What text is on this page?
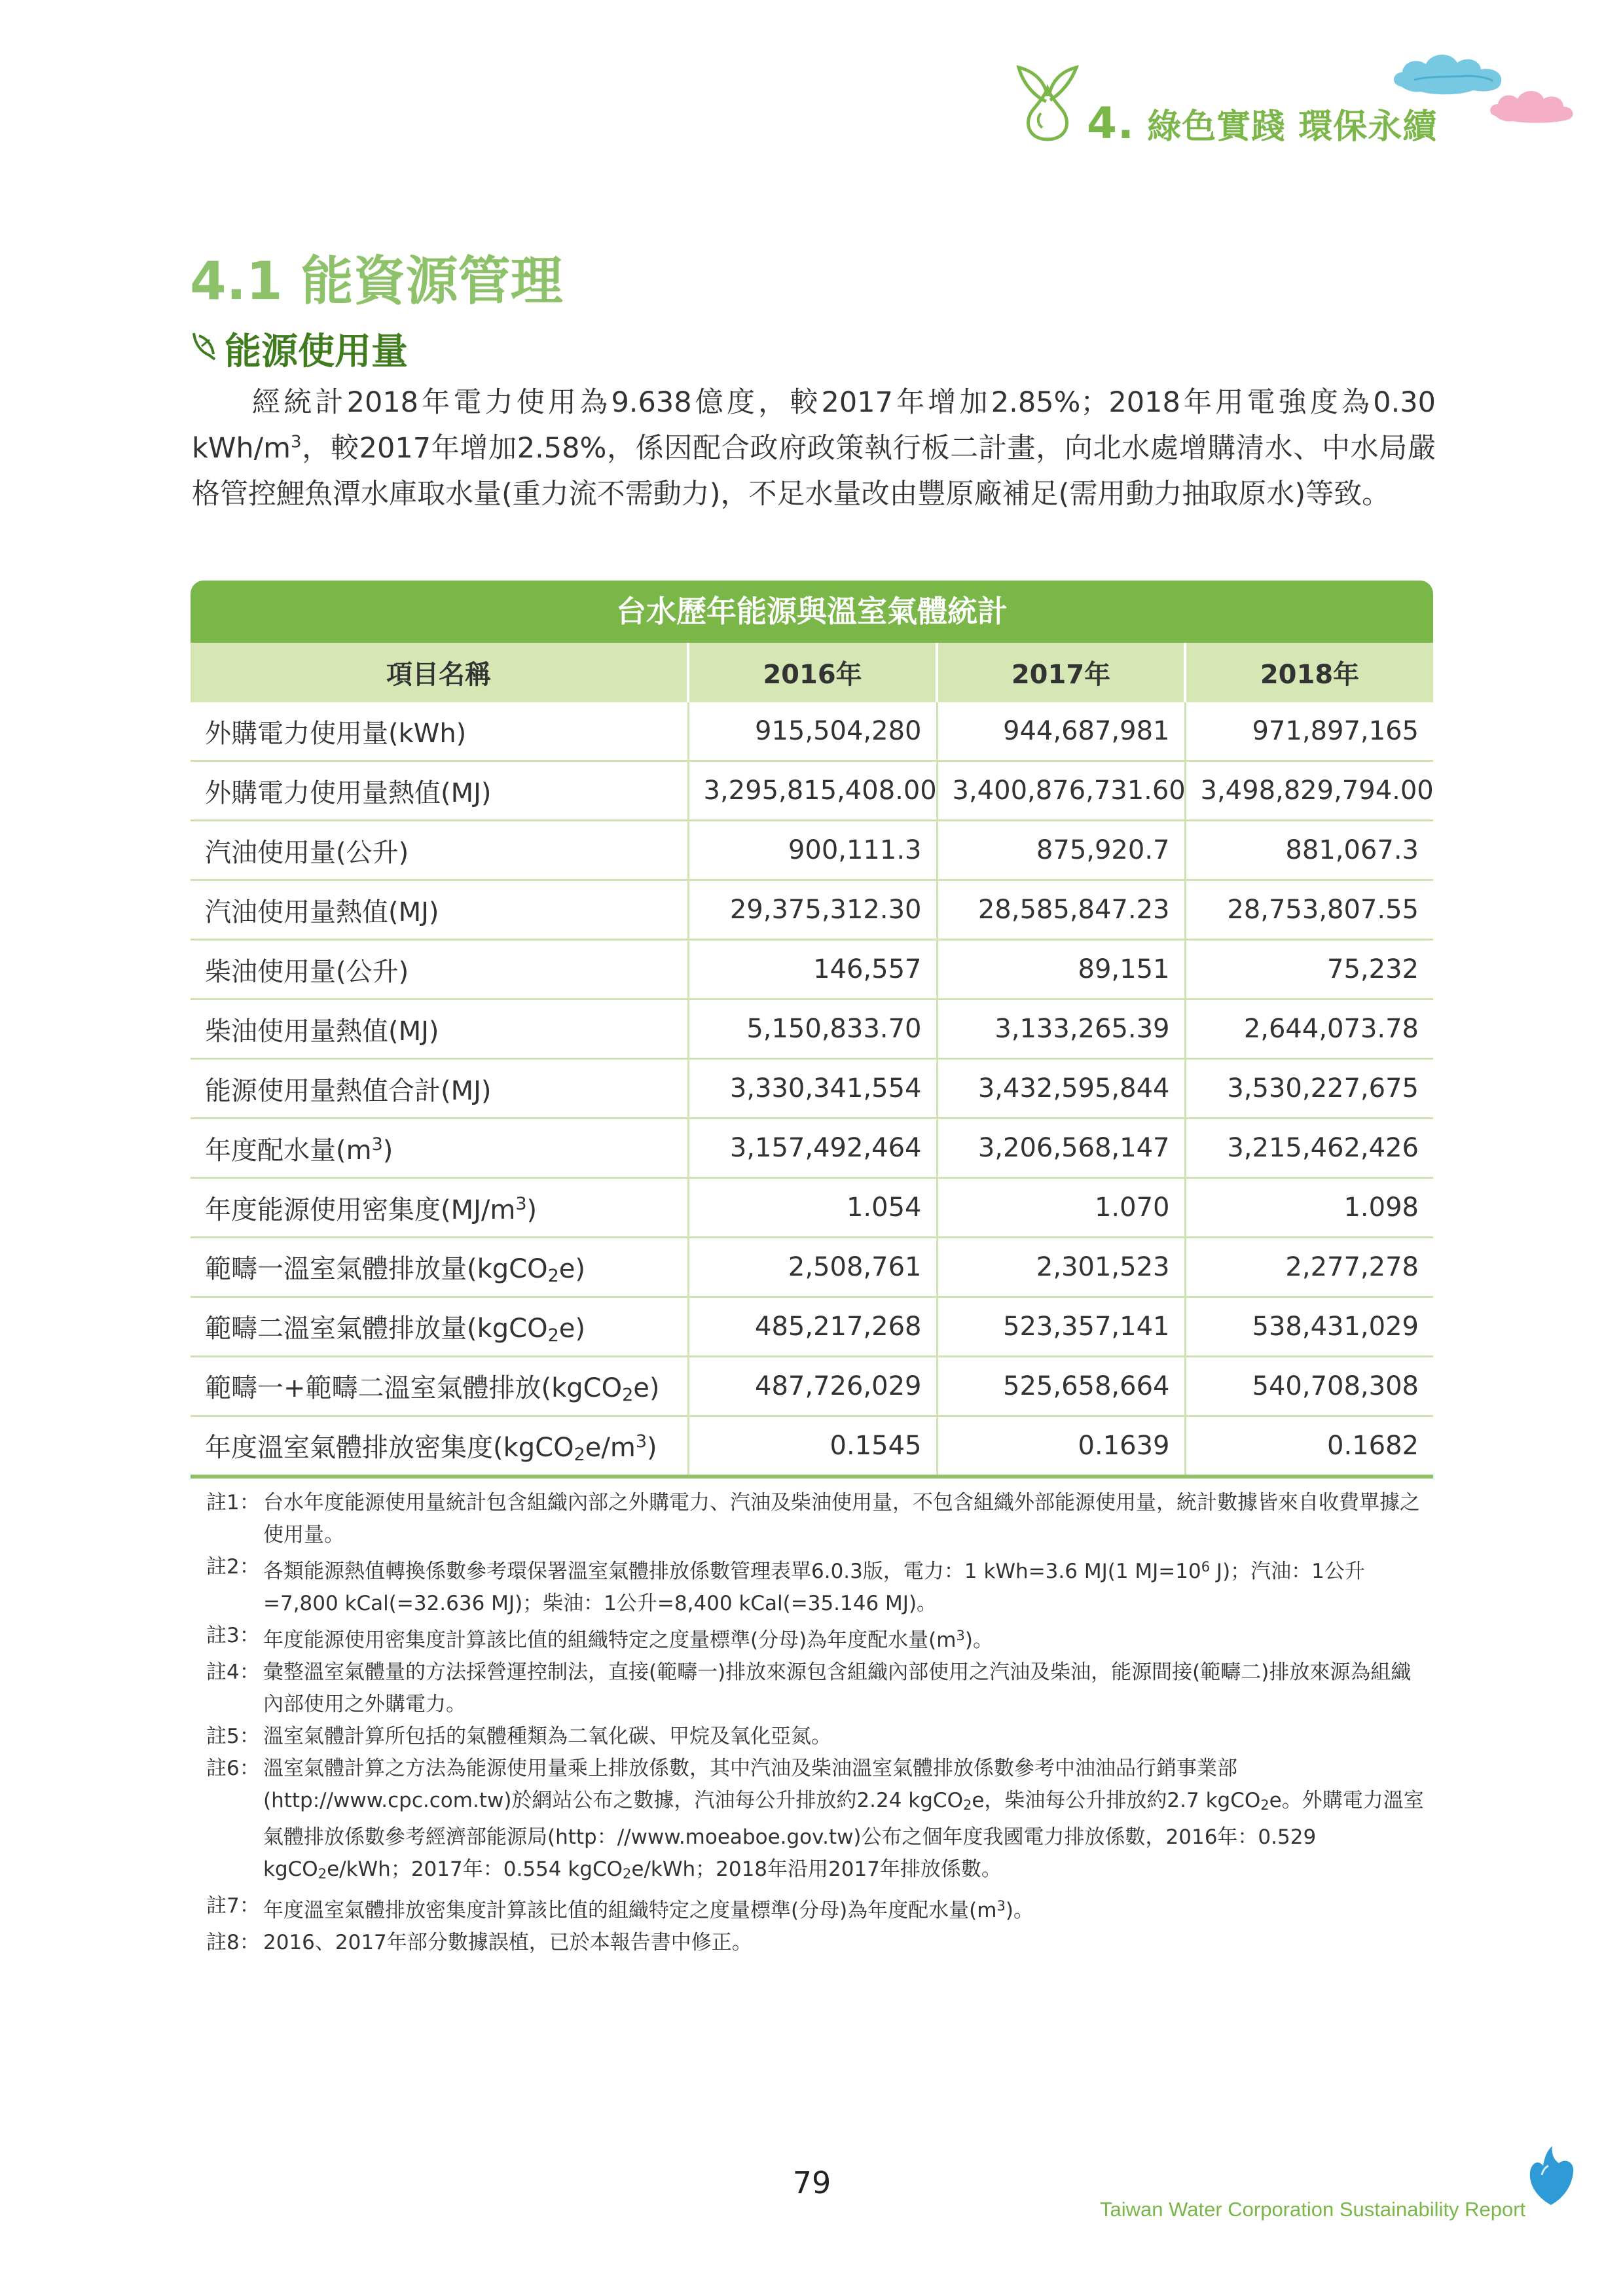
4. 綠色實踐 環保永續
4.1 能資源管理
能源使用量
經統計2018年電力使用為9.638億度，較2017年增加2.85%；2018年用電強度為0.30 kWh/$m^3$，較2017年增加2.58%，係因配合政府政策執行板二計畫，向北水處增購清水、中水局嚴格管控鯉魚潭水庫取水量(重力流不需動力)，不足水量改由豐原廠補足(需用動力抽取原水)等致。
台水歷年能源與溫室氣體統計
項目名稱	2016年	2017年	2018年
外購電力使用量(kWh)	915,504,280	944,687,981	971,897,165
外購電力使用量熱值(MJ)	3,295,815,408.00	3,400,876,731.60	3,498,829,794.00
汽油使用量(公升)	900,111.3	875,920.7	881,067.3
汽油使用量熱值(MJ)	29,375,312.30	28,585,847.23	28,753,807.55
柴油使用量(公升)	146,557	89,151	75,232
柴油使用量熱值(MJ)	5,150,833.70	3,133,265.39	2,644,073.78
能源使用量熱值合計(MJ)	3,330,341,554	3,432,595,844	3,530,227,675
年度配水量$(m^3)$	3,157,492,464	3,206,568,147	3,215,462,426
年度能源使用密集度$(MJ/m^3)$	1.054	1.070	1.098
範疇一溫室氣體排放量(kgCO$_2$e)	2,508,761	2,301,523	2,277,278
範疇二溫室氣體排放量(kgCO$_2$e)	485,217,268	523,357,141	538,431,029
範疇一+範疇二溫室氣體排放(kgCO$_2$e)	487,726,029	525,658,664	540,708,308
年度溫室氣體排放密集度$(kgCO_2e/m^3)$	0.1545	0.1639	0.1682
註1： 台水年度能源使用量統計包含組織內部之外購電力、汽油及柴油使用量，不包含組織外部能源使用量，統計數據皆來自收費單據之使用量。
註2： 各類能源熱值轉換係數參考環保署溫室氣體排放係數管理表單6.0.3版，電力：1 kWh=3.6 MJ(1 $MJ=10^6$ J)；汽油：1公升=7,800 kCal(=32.636 MJ)；柴油：1公升=8,400 kCal(=35.146 MJ)。
註3： 年度能源使用密集度計算該比值的組織特定之度量標準(分母)為年度配水量$(m^3)$。
註4： 彙整溫室氣體量的方法採營運控制法，直接(範疇一)排放來源包含組織內部使用之汽油及柴油，能源間接(範疇二)排放來源為組織內部使用之外購電力。
註5： 溫室氣體計算所包括的氣體種類為二氧化碳、甲烷及氧化亞氮。
註6： 溫室氣體計算之方法為能源使用量乘上排放係數，其中汽油及柴油溫室氣體排放係數參考中油油品行銷事業部(http://www.cpc.com.tw)於網站公布之數據，汽油每公升排放約2.24 kgCO2e，柴油每公升排放約2.7 kgCO2e。外購電力溫室氣體排放係數參考經濟部能源局(http：//www.moeaboe.gov.tw)公布之個年度我國電力排放係數，2016年：0.529 kgCO2e/kWh；2017年：0.554 kgCO2e/kWh；2018年沿用2017年排放係數。
註7： 年度溫室氣體排放密集度計算該比值的組織特定之度量標準(分母)為年度配水量$(m^3)$。
註8： 2016、2017年部分數據誤植，已於本報告書中修正。
79
Taiwan Water Corporation Sustainability Report
